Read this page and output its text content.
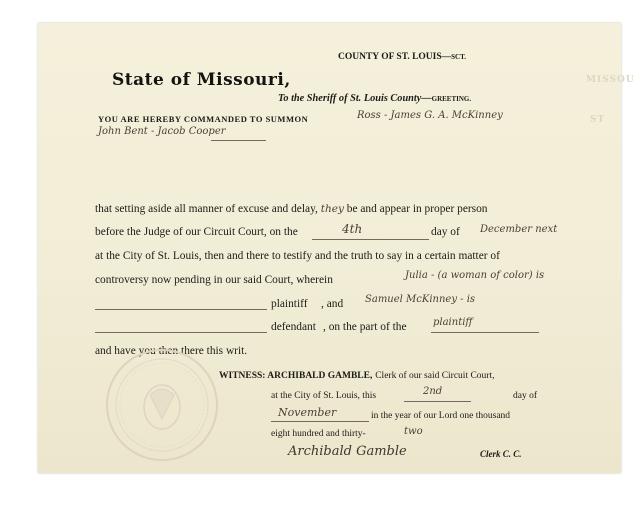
MISSOU
ST
COUNTY OF ST. LOUIS—SCT.
State of Missouri,
To the Sheriff of St. Louis County—GREETING.
YOU ARE HEREBY COMMANDED TO SUMMON	Ross - James G. A. McKinney
John Bent - Jacob Cooper
that setting aside all manner of excuse and delay, they be and appear in proper person
before the Judge of our Circuit Court, on the	4th	day of December next
at the City of St. Louis, then and there to testify and the truth to say in a certain matter of
controversy now pending in our said Court, wherein	Julia - (a woman of color) is
plaintiff , and Samuel McKinney - is
defendant , on the part of the	plaintiff
and have you then there this writ.
WITNESS: ARCHIBALD GAMBLE, Clerk of our said Circuit Court,
at the City of St. Louis, this	2nd	day of
November	in the year of our Lord one thousand
eight hundred and thirty-	two
Archibald Gamble	Clerk C. C.
